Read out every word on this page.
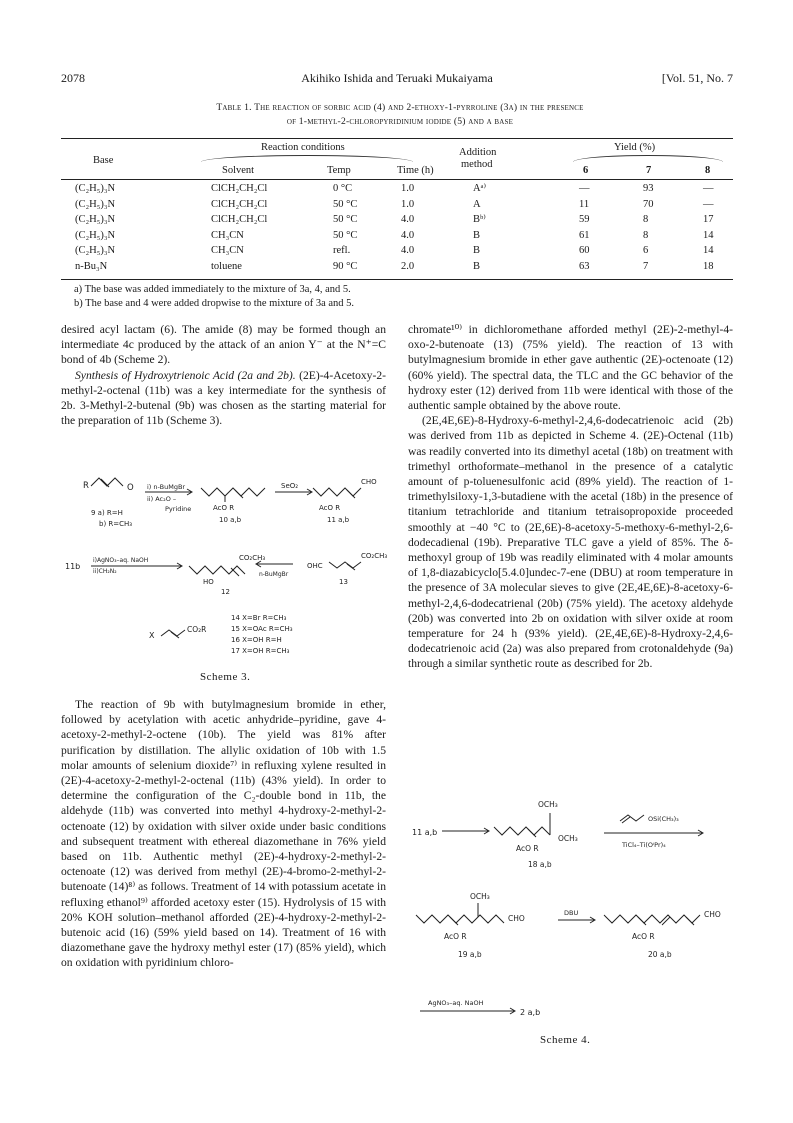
2078	Akihiko Ishida and Teruaki Mukaiyama	[Vol. 51, No. 7
Table 1. The reaction of sorbic acid (4) and 2-ethoxy-1-pyrroline (3a) in the presence
of 1-methyl-2-chloropyridinium iodide (5) and a base
Base
Reaction conditions	Addition
method
Yield (%)
Solvent	Temp	Time (h)	6	7	8
(C₂H₅)₃N	ClCH₂CH₂Cl	0 °C	1.0	Aᵃ⁾	—	93	—
(C₂H₅)₃N	ClCH₂CH₂Cl	50 °C	1.0	A	11	70	—
(C₂H₅)₃N	ClCH₂CH₂Cl	50 °C	4.0	Bᵇ⁾	59	8	17
(C₂H₅)₃N	CH₃CN	50 °C	4.0	B	61	8	14
(C₂H₅)₃N	CH₃CN	refl.	4.0	B	60	6	14
n-Bu₃N	toluene	90 °C	2.0	B	63	7	18
a) The base was added immediately to the mixture of 3a, 4, and 5.
b) The base and 4 were added dropwise to the mixture of 3a and 5.

desired acyl lactam (6). The amide (8) may be formed though an intermediate 4c produced by the attack of an anion Y⁻ at the N⁺=C bond of 4b (Scheme 2).

Synthesis of Hydroxytrienoic Acid (2a and 2b). (2E)-4-Acetoxy-2-methyl-2-octenal (11b) was a key intermediate for the synthesis of 2b. 3-Methyl-2-butenal (9b) was chosen as the starting material for the preparation of 11b (Scheme 3).

R	O i) n-BuMgBr
ii) Ac₂O –
Pyridine
9 a) R=H
b) R=CH₃
AcO R
10 a,b
SeO₂	CHO
AcO R
11 a,b
11b
i)AgNO₃–aq. NaOH
ii)CH₂N₂
CO₂CH₃
HO
12
n-BuMgBr
OHC
CO₂CH₃
13
X
CO₂R
14 X=Br R=CH₃
15 X=OAc R=CH₃
16 X=OH R=H
17 X=OH R=CH₃
Scheme 3.

The reaction of 9b with butylmagnesium bromide in ether, followed by acetylation with acetic anhydride–pyridine, gave 4-acetoxy-2-methyl-2-octene (10b). The yield was 81% after purification by distillation. The allylic oxidation of 10b with 1.5 molar amounts of selenium dioxide⁷⁾ in refluxing xylene resulted in (2E)-4-acetoxy-2-methyl-2-octenal (11b) (43% yield). In order to determine the configuration of the C₂-double bond in 11b, the aldehyde (11b) was converted into methyl 4-hydroxy-2-methyl-2-octenoate (12) by oxidation with silver oxide under basic conditions and subsequent treatment with ethereal diazomethane in 76% yield based on 11b. Authentic methyl (2E)-4-hydroxy-2-methyl-2-octenoate (12) was derived from methyl (2E)-4-bromo-2-methyl-2-butenoate (14)⁸⁾ as follows. Treatment of 14 with potassium acetate in refluxing ethanol⁹⁾ afforded acetoxy ester (15). Hydrolysis of 15 with 20% KOH solution–methanol afforded (2E)-4-hydroxy-2-methyl-2-butenoic acid (16) (59% yield based on 14). Treatment of 16 with diazomethane gave the hydroxy methyl ester (17) (85% yield), which on oxidation with pyridinium chloro-

chromate¹⁰⁾ in dichloromethane afforded methyl (2E)-2-methyl-4-oxo-2-butenoate (13) (75% yield). The reaction of 13 with butylmagnesium bromide in ether gave authentic (2E)-octenoate (12) (60% yield). The spectral data, the TLC and the GC behavior of the hydroxy ester (12) derived from 11b were identical with those of the authentic sample obtained by the above route.

(2E,4E,6E)-8-Hydroxy-6-methyl-2,4,6-dodecatrienoic acid (2b) was derived from 11b as depicted in Scheme 4. (2E)-Octenal (11b) was readily converted into its dimethyl acetal (18b) on treatment with trimethyl orthoformate–methanol in the presence of a catalytic amount of p-toluenesulfonic acid (89% yield). The reaction of 1-trimethylsiloxy-1,3-butadiene with the acetal (18b) in the presence of titanium tetrachloride and titanium tetraisopropoxide proceeded smoothly at −40 °C to (2E,6E)-8-acetoxy-5-methoxy-6-methyl-2,6-dodecadienal (19b). Preparative TLC gave a yield of 85%. The δ-methoxyl group of 19b was readily eliminated with 4 molar amounts of 1,8-diazabicyclo[5.4.0]undec-7-ene (DBU) at room temperature in the presence of 3A molecular sieves to give (2E,4E,6E)-8-acetoxy-6-methyl-2,4,6-dodecatrienal (20b) (75% yield). The acetoxy aldehyde (20b) was converted into 2b on oxidation with silver oxide at room temperature for 24 h (93% yield). (2E,4E,6E)-8-Hydroxy-2,4,6-dodecatrienoic acid (2a) was also prepared from crotonaldehyde (9a) through a similar synthetic route as described for 2b.

11 a,b
OCH₃
OCH₃
AcO R
18 a,b
OSi(CH₃)₃
TiCl₄–Ti(OⁱPr)₄
OCH₃
CHO
AcO R
19 a,b
DBU	CHO
AcO R
20 a,b
AgNO₃–aq. NaOH
2 a,b
Scheme 4.
